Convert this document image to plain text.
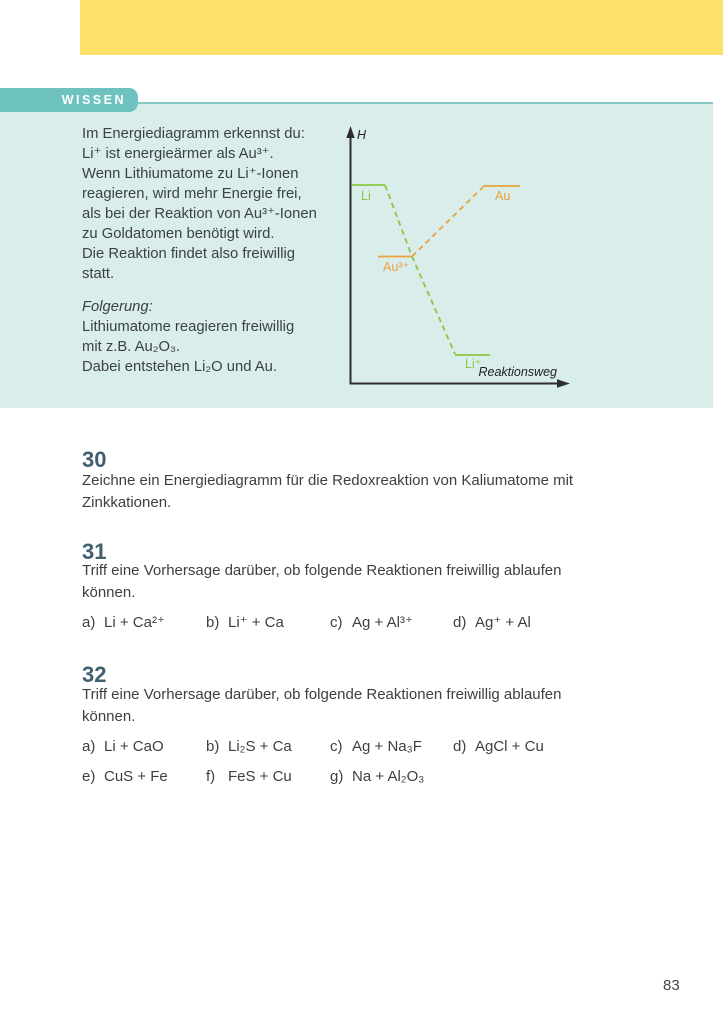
WISSEN
Im Energiediagramm erkennst du:
Li⁺ ist energieärmer als Au³⁺.
Wenn Lithiumatome zu Li⁺-Ionen
reagieren, wird mehr Energie frei,
als bei der Reaktion von Au³⁺-Ionen
zu Goldatomen benötigt wird.
Die Reaktion findet also freiwillig
statt.
Folgerung:
Lithiumatome reagieren freiwillig
mit z.B. Au₂O₃.
Dabei entstehen Li₂O und Au.
H
Reaktionsweg
Li
Au³⁺
Au
Li⁺
30
Zeichne ein Energiediagramm für die Redoxreaktion von Kaliumatome mit
Zinkkationen.
31
Triff eine Vorhersage darüber, ob folgende Reaktionen freiwillig ablaufen
können.
a) Li + Ca²⁺	b) Li⁺ + Ca	c) Ag + Al³⁺	d) Ag⁺ + Al
32
Triff eine Vorhersage darüber, ob folgende Reaktionen freiwillig ablaufen
können.
a) Li + CaO	b) Li₂S + Ca	c) Ag + Na₃F d) AgCl + Cu
e) CuS + Fe	f) FeS + Cu	g) Na + Al₂O₃
83
